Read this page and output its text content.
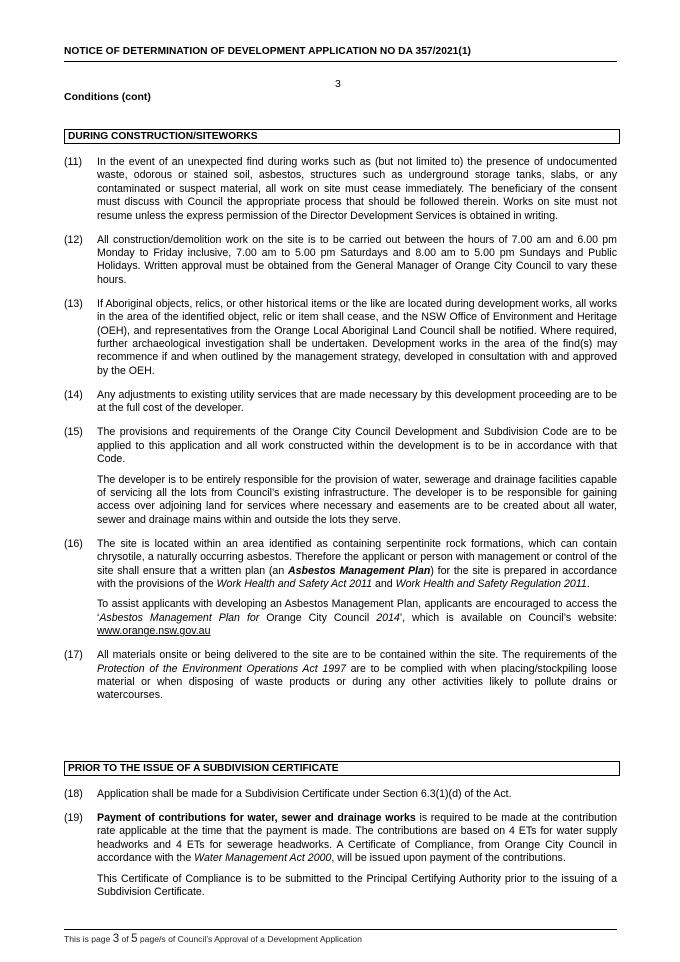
NOTICE OF DETERMINATION OF DEVELOPMENT APPLICATION NO DA 357/2021(1)
3
Conditions (cont)
DURING CONSTRUCTION/SITEWORKS
(11)	In the event of an unexpected find during works such as (but not limited to) the presence of undocumented waste, odorous or stained soil, asbestos, structures such as underground storage tanks, slabs, or any contaminated or suspect material, all work on site must cease immediately. The beneficiary of the consent must discuss with Council the appropriate process that should be followed therein. Works on site must not resume unless the express permission of the Director Development Services is obtained in writing.
(12)	All construction/demolition work on the site is to be carried out between the hours of 7.00 am and 6.00 pm Monday to Friday inclusive, 7.00 am to 5.00 pm Saturdays and 8.00 am to 5.00 pm Sundays and Public Holidays. Written approval must be obtained from the General Manager of Orange City Council to vary these hours.
(13)	If Aboriginal objects, relics, or other historical items or the like are located during development works, all works in the area of the identified object, relic or item shall cease, and the NSW Office of Environment and Heritage (OEH), and representatives from the Orange Local Aboriginal Land Council shall be notified. Where required, further archaeological investigation shall be undertaken. Development works in the area of the find(s) may recommence if and when outlined by the management strategy, developed in consultation with and approved by the OEH.
(14)	Any adjustments to existing utility services that are made necessary by this development proceeding are to be at the full cost of the developer.
(15)	The provisions and requirements of the Orange City Council Development and Subdivision Code are to be applied to this application and all work constructed within the development is to be in accordance with that Code.

The developer is to be entirely responsible for the provision of water, sewerage and drainage facilities capable of servicing all the lots from Council’s existing infrastructure. The developer is to be responsible for gaining access over adjoining land for services where necessary and easements are to be created about all water, sewer and drainage mains within and outside the lots they serve.

(16)	The site is located within an area identified as containing serpentinite rock formations, which can contain chrysotile, a naturally occurring asbestos. Therefore the applicant or person with management or control of the site shall ensure that a written plan (an Asbestos Management Plan) for the site is prepared in accordance with the provisions of the Work Health and Safety Act 2011 and Work Health and Safety Regulation 2011.

To assist applicants with developing an Asbestos Management Plan, applicants are encouraged to access the ‘Asbestos Management Plan for Orange City Council 2014’, which is available on Council’s website: www.orange.nsw.gov.au

(17)	All materials onsite or being delivered to the site are to be contained within the site. The requirements of the Protection of the Environment Operations Act 1997 are to be complied with when placing/stockpiling loose material or when disposing of waste products or during any other activities likely to pollute drains or watercourses.
PRIOR TO THE ISSUE OF A SUBDIVISION CERTIFICATE
(18)	Application shall be made for a Subdivision Certificate under Section 6.3(1)(d) of the Act.
(19)	Payment of contributions for water, sewer and drainage works is required to be made at the contribution rate applicable at the time that the payment is made. The contributions are based on 4 ETs for water supply headworks and 4 ETs for sewerage headworks. A Certificate of Compliance, from Orange City Council in accordance with the Water Management Act 2000, will be issued upon payment of the contributions.

This Certificate of Compliance is to be submitted to the Principal Certifying Authority prior to the issuing of a Subdivision Certificate.

This is page 3 of 5 page/s of Council’s Approval of a Development Application
